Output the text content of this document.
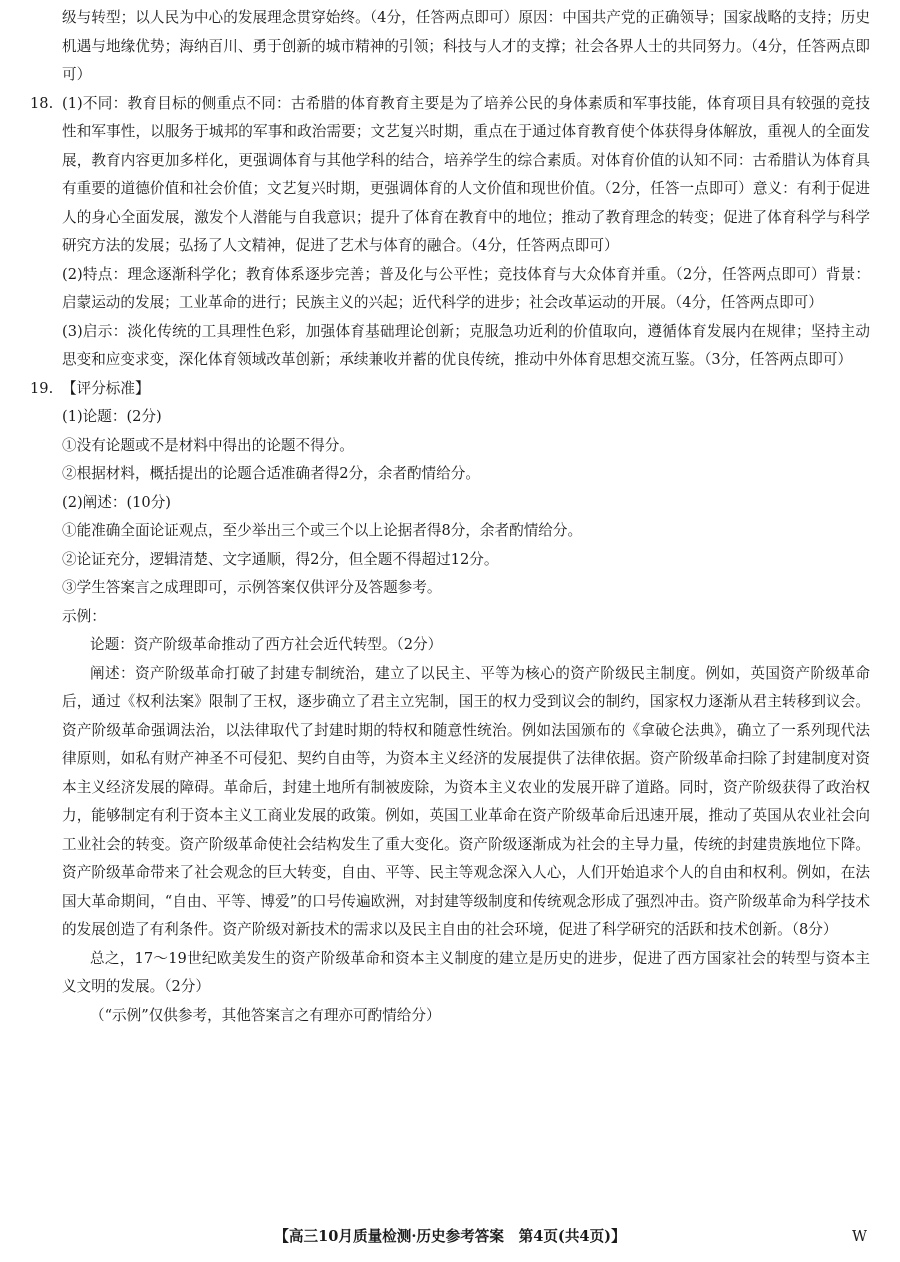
级与转型；以人民为中心的发展理念贯穿始终。（4分，任答两点即可）原因：中国共产党的正确领导；国家战略的支持；历史机遇与地缘优势；海纳百川、勇于创新的城市精神的引领；科技与人才的支撑；社会各界人士的共同努力。（4分，任答两点即可）

18. (1)不同：教育目标的侧重点不同：古希腊的体育教育主要是为了培养公民的身体素质和军事技能，体育项目具有较强的竞技性和军事性，以服务于城邦的军事和政治需要；文艺复兴时期，重点在于通过体育教育使个体获得身体解放，重视人的全面发展，教育内容更加多样化，更强调体育与其他学科的结合，培养学生的综合素质。对体育价值的认知不同：古希腊认为体育具有重要的道德价值和社会价值；文艺复兴时期，更强调体育的人文价值和现世价值。（2分，任答一点即可）意义：有利于促进人的身心全面发展，激发个人潜能与自我意识；提升了体育在教育中的地位；推动了教育理念的转变；促进了体育科学与科学研究方法的发展；弘扬了人文精神，促进了艺术与体育的融合。（4分，任答两点即可）

(2)特点：理念逐渐科学化；教育体系逐步完善；普及化与公平性；竞技体育与大众体育并重。（2分，任答两点即可）背景：启蒙运动的发展；工业革命的进行；民族主义的兴起；近代科学的进步；社会改革运动的开展。（4分，任答两点即可）

(3)启示：淡化传统的工具理性色彩，加强体育基础理论创新；克服急功近利的价值取向，遵循体育发展内在规律；坚持主动思变和应变求变，深化体育领域改革创新；承续兼收并蓄的优良传统，推动中外体育思想交流互鉴。（3分，任答两点即可）

19. 【评分标准】

(1)论题：(2分)

①没有论题或不是材料中得出的论题不得分。

②根据材料，概括提出的论题合适准确者得2分，余者酌情给分。

(2)阐述：(10分)

①能准确全面论证观点，至少举出三个或三个以上论据者得8分，余者酌情给分。

②论证充分，逻辑清楚、文字通顺，得2分，但全题不得超过12分。

③学生答案言之成理即可，示例答案仅供评分及答题参考。

示例：

论题：资产阶级革命推动了西方社会近代转型。（2分）

阐述：资产阶级革命打破了封建专制统治，建立了以民主、平等为核心的资产阶级民主制度。例如，英国资产阶级革命后，通过《权利法案》限制了王权，逐步确立了君主立宪制，国王的权力受到议会的制约，国家权力逐渐从君主转移到议会。资产阶级革命强调法治，以法律取代了封建时期的特权和随意性统治。例如法国颁布的《拿破仑法典》，确立了一系列现代法律原则，如私有财产神圣不可侵犯、契约自由等，为资本主义经济的发展提供了法律依据。资产阶级革命扫除了封建制度对资本主义经济发展的障碍。革命后，封建土地所有制被废除，为资本主义农业的发展开辟了道路。同时，资产阶级获得了政治权力，能够制定有利于资本主义工商业发展的政策。例如，英国工业革命在资产阶级革命后迅速开展，推动了英国从农业社会向工业社会的转变。资产阶级革命使社会结构发生了重大变化。资产阶级逐渐成为社会的主导力量，传统的封建贵族地位下降。资产阶级革命带来了社会观念的巨大转变，自由、平等、民主等观念深入人心，人们开始追求个人的自由和权利。例如，在法国大革命期间，“自由、平等、博爱”的口号传遍欧洲，对封建等级制度和传统观念形成了强烈冲击。资产阶级革命为科学技术的发展创造了有利条件。资产阶级对新技术的需求以及民主自由的社会环境，促进了科学研究的活跃和技术创新。（8分）

总之，17～19世纪欧美发生的资产阶级革命和资本主义制度的建立是历史的进步，促进了西方国家社会的转型与资本主义文明的发展。（2分）

（“示例”仅供参考，其他答案言之有理亦可酌情给分）

【高三10月质量检测·历史参考答案　第4页(共4页)】	W
